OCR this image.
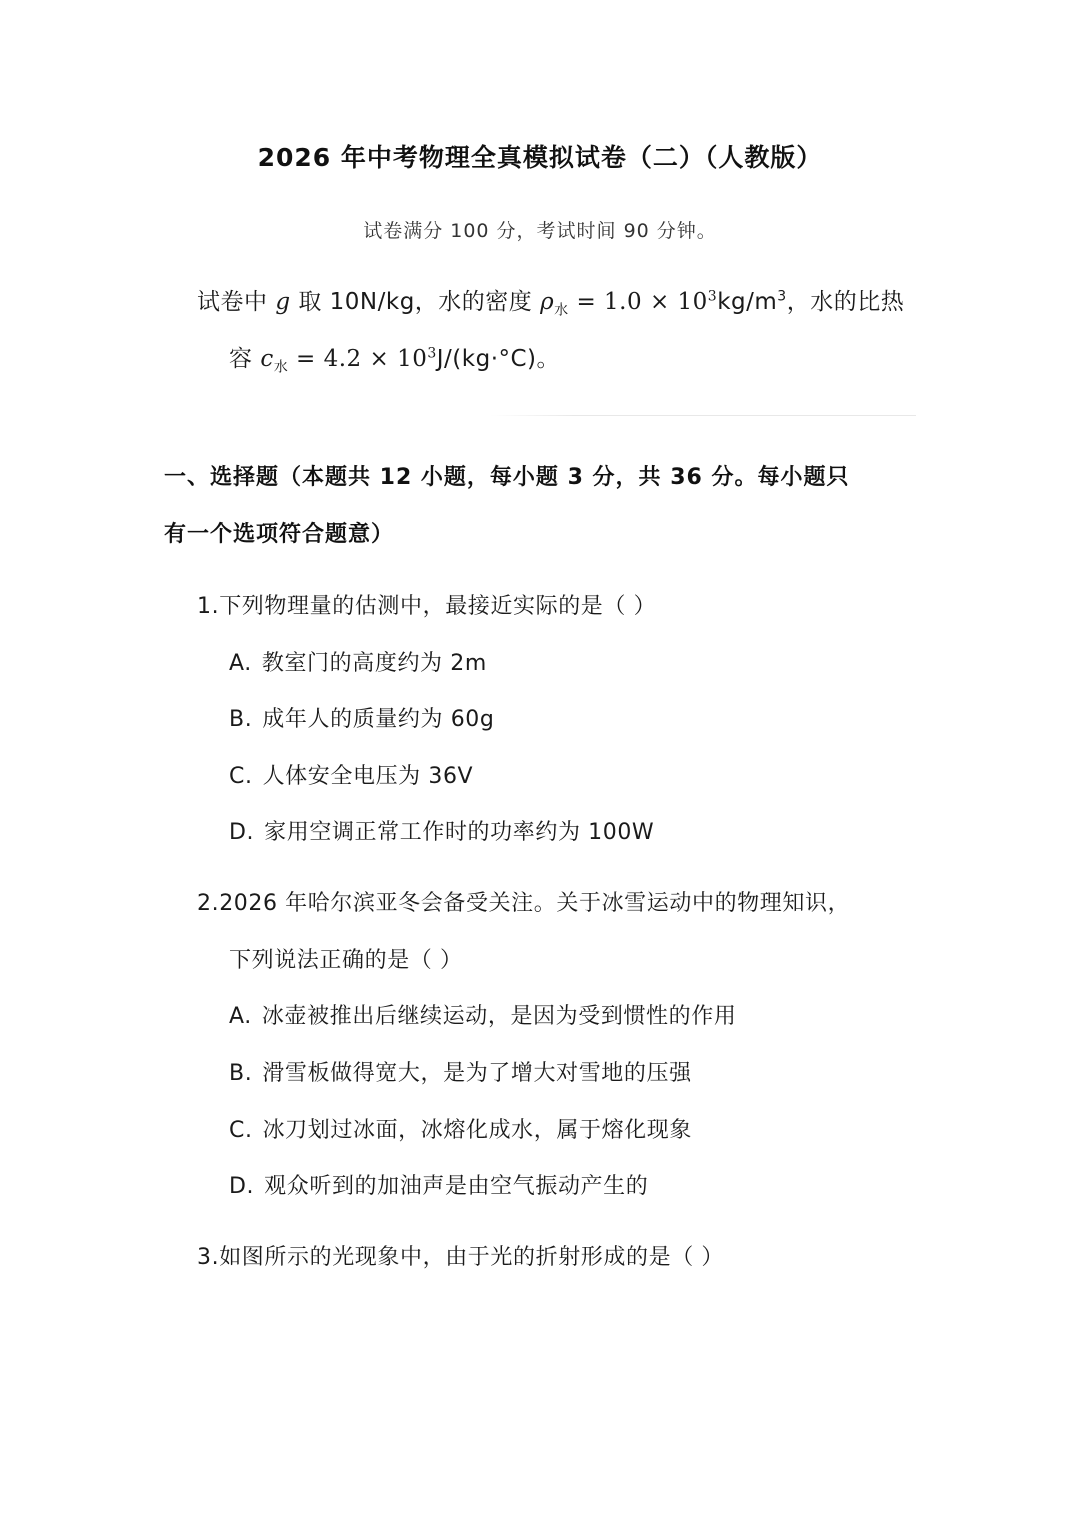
2026 年中考物理全真模拟试卷（二）（人教版）
试卷满分 100 分，考试时间 90 分钟。
试卷中 g 取 10N/kg，水的密度 $\rho_水 = 1.0 \times 10^3kg/m^3$，水的比热
容 $c_水 = 4.2 \times 10^3J/(kg\cdot^\circ C)$。
一、选择题（本题共 12 小题，每小题 3 分，共 36 分。每小题只
有一个选项符合题意）
1.下列物理量的估测中，最接近实际的是（ ）
A. 教室门的高度约为 2m
B. 成年人的质量约为 60g
C. 人体安全电压为 36V
D. 家用空调正常工作时的功率约为 100W
2.2026 年哈尔滨亚冬会备受关注。关于冰雪运动中的物理知识，
下列说法正确的是（ ）
A. 冰壶被推出后继续运动，是因为受到惯性的作用
B. 滑雪板做得宽大，是为了增大对雪地的压强
C. 冰刀划过冰面，冰熔化成水，属于熔化现象
D. 观众听到的加油声是由空气振动产生的
3.如图所示的光现象中，由于光的折射形成的是（ ）
